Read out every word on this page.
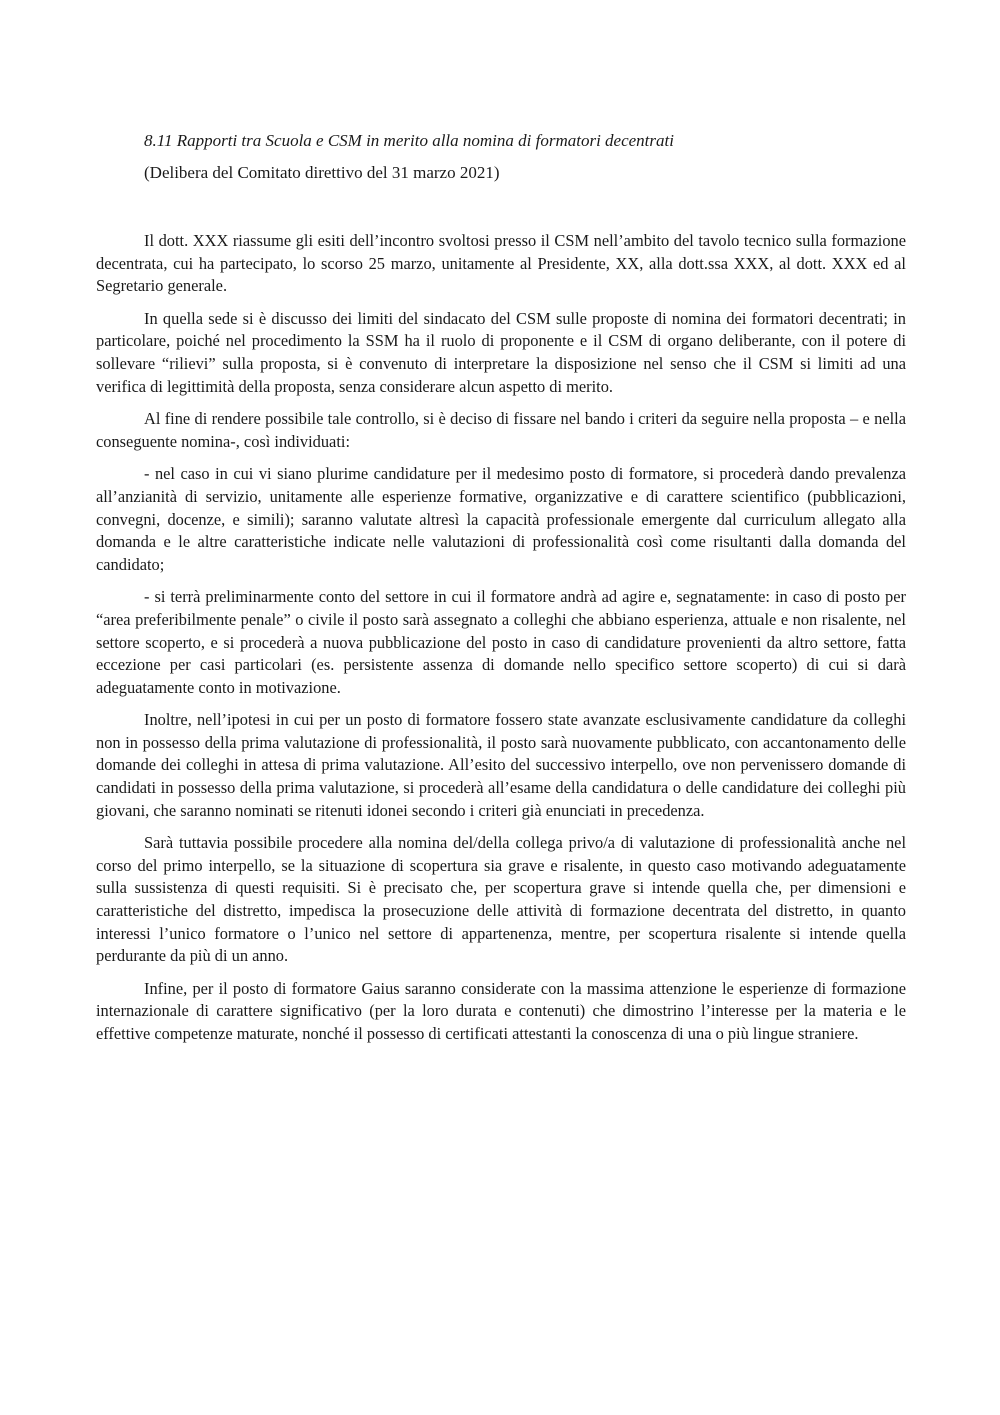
8.11 Rapporti tra Scuola e CSM in merito alla nomina di formatori decentrati
(Delibera del Comitato direttivo del 31 marzo 2021)

Il dott. XXX riassume gli esiti dell’incontro svoltosi presso il CSM nell’ambito del tavolo tecnico sulla formazione decentrata, cui ha partecipato, lo scorso 25 marzo, unitamente al Presidente, XX, alla dott.ssa XXX, al dott. XXX ed al Segretario generale.

In quella sede si è discusso dei limiti del sindacato del CSM sulle proposte di nomina dei formatori decentrati; in particolare, poiché nel procedimento la SSM ha il ruolo di proponente e il CSM di organo deliberante, con il potere di sollevare “rilievi” sulla proposta, si è convenuto di interpretare la disposizione nel senso che il CSM si limiti ad una verifica di legittimità della proposta, senza considerare alcun aspetto di merito.

Al fine di rendere possibile tale controllo, si è deciso di fissare nel bando i criteri da seguire nella proposta – e nella conseguente nomina-, così individuati:

- nel caso in cui vi siano plurime candidature per il medesimo posto di formatore, si procederà dando prevalenza all’anzianità di servizio, unitamente alle esperienze formative, organizzative e di carattere scientifico (pubblicazioni, convegni, docenze, e simili); saranno valutate altresì la capacità professionale emergente dal curriculum allegato alla domanda e le altre caratteristiche indicate nelle valutazioni di professionalità così come risultanti dalla domanda del candidato;

- si terrà preliminarmente conto del settore in cui il formatore andrà ad agire e, segnatamente: in caso di posto per “area preferibilmente penale” o civile il posto sarà assegnato a colleghi che abbiano esperienza, attuale e non risalente, nel settore scoperto, e si procederà a nuova pubblicazione del posto in caso di candidature provenienti da altro settore, fatta eccezione per casi particolari (es. persistente assenza di domande nello specifico settore scoperto) di cui si darà adeguatamente conto in motivazione.

Inoltre, nell’ipotesi in cui per un posto di formatore fossero state avanzate esclusivamente candidature da colleghi non in possesso della prima valutazione di professionalità, il posto sarà nuovamente pubblicato, con accantonamento delle domande dei colleghi in attesa di prima valutazione. All’esito del successivo interpello, ove non pervenissero domande di candidati in possesso della prima valutazione, si procederà all’esame della candidatura o delle candidature dei colleghi più giovani, che saranno nominati se ritenuti idonei secondo i criteri già enunciati in precedenza.

Sarà tuttavia possibile procedere alla nomina del/della collega privo/a di valutazione di professionalità anche nel corso del primo interpello, se la situazione di scopertura sia grave e risalente, in questo caso motivando adeguatamente sulla sussistenza di questi requisiti. Si è precisato che, per scopertura grave si intende quella che, per dimensioni e caratteristiche del distretto, impedisca la prosecuzione delle attività di formazione decentrata del distretto, in quanto interessi l’unico formatore o l’unico nel settore di appartenenza, mentre, per scopertura risalente si intende quella perdurante da più di un anno.

Infine, per il posto di formatore Gaius saranno considerate con la massima attenzione le esperienze di formazione internazionale di carattere significativo (per la loro durata e contenuti) che dimostrino l’interesse per la materia e le effettive competenze maturate, nonché il possesso di certificati attestanti la conoscenza di una o più lingue straniere.
